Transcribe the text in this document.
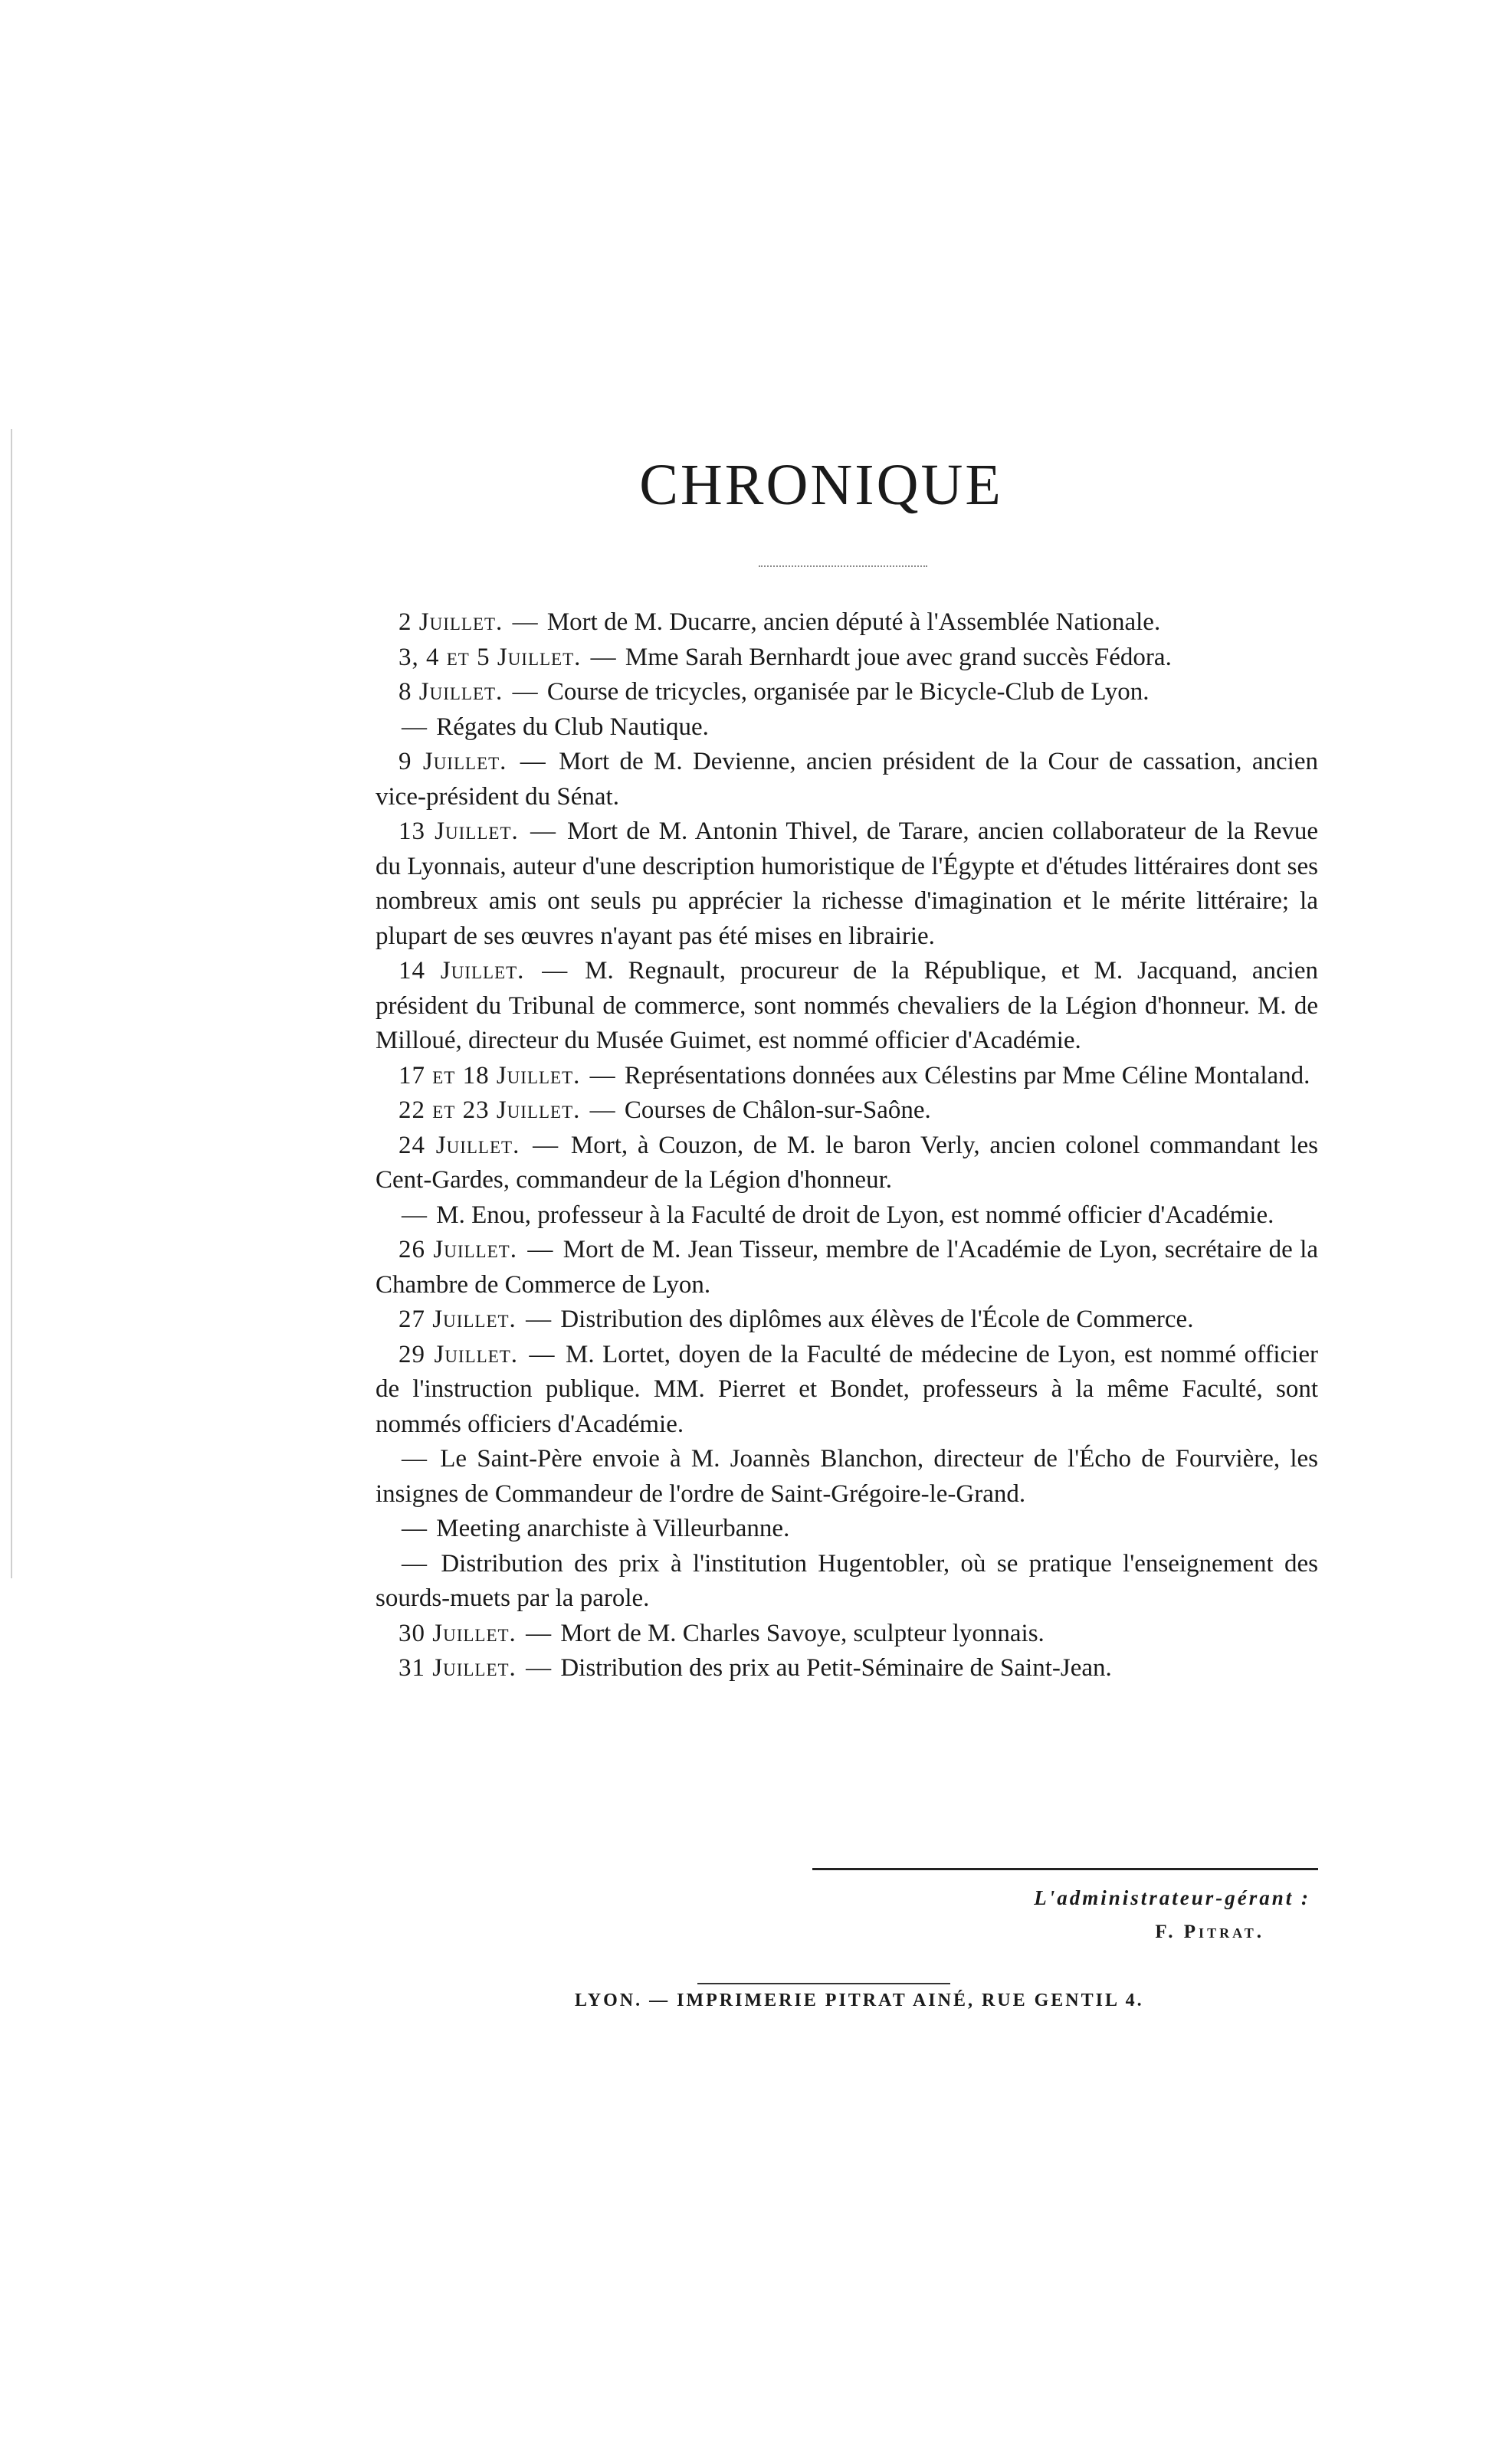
CHRONIQUE

2 Juillet. — Mort de M. Ducarre, ancien député à l'Assemblée Nationale.

3, 4 et 5 Juillet. — Mme Sarah Bernhardt joue avec grand succès Fédora.

8 Juillet. — Course de tricycles, organisée par le Bicycle-Club de Lyon.

— Régates du Club Nautique.

9 Juillet. — Mort de M. Devienne, ancien président de la Cour de cassation, ancien vice-président du Sénat.

13 Juillet. — Mort de M. Antonin Thivel, de Tarare, ancien collaborateur de la Revue du Lyonnais, auteur d'une description humoristique de l'Égypte et d'études littéraires dont ses nombreux amis ont seuls pu apprécier la richesse d'imagination et le mérite littéraire; la plupart de ses œuvres n'ayant pas été mises en librairie.

14 Juillet. — M. Regnault, procureur de la République, et M. Jacquand, ancien président du Tribunal de commerce, sont nommés chevaliers de la Légion d'honneur. M. de Milloué, directeur du Musée Guimet, est nommé officier d'Académie.

17 et 18 Juillet. — Représentations données aux Célestins par Mme Céline Montaland.

22 et 23 Juillet. — Courses de Châlon-sur-Saône.

24 Juillet. — Mort, à Couzon, de M. le baron Verly, ancien colonel commandant les Cent-Gardes, commandeur de la Légion d'honneur.

— M. Enou, professeur à la Faculté de droit de Lyon, est nommé officier d'Académie.

26 Juillet. — Mort de M. Jean Tisseur, membre de l'Académie de Lyon, secrétaire de la Chambre de Commerce de Lyon.

27 Juillet. — Distribution des diplômes aux élèves de l'École de Commerce.

29 Juillet. — M. Lortet, doyen de la Faculté de médecine de Lyon, est nommé officier de l'instruction publique. MM. Pierret et Bondet, professeurs à la même Faculté, sont nommés officiers d'Académie.

— Le Saint-Père envoie à M. Joannès Blanchon, directeur de l'Écho de Fourvière, les insignes de Commandeur de l'ordre de Saint-Grégoire-le-Grand.

— Meeting anarchiste à Villeurbanne.

— Distribution des prix à l'institution Hugentobler, où se pratique l'enseignement des sourds-muets par la parole.

30 Juillet. — Mort de M. Charles Savoye, sculpteur lyonnais.

31 Juillet. — Distribution des prix au Petit-Séminaire de Saint-Jean.

L'administrateur-gérant :
F. Pitrat.
LYON. — IMPRIMERIE PITRAT AINÉ, RUE GENTIL 4.
